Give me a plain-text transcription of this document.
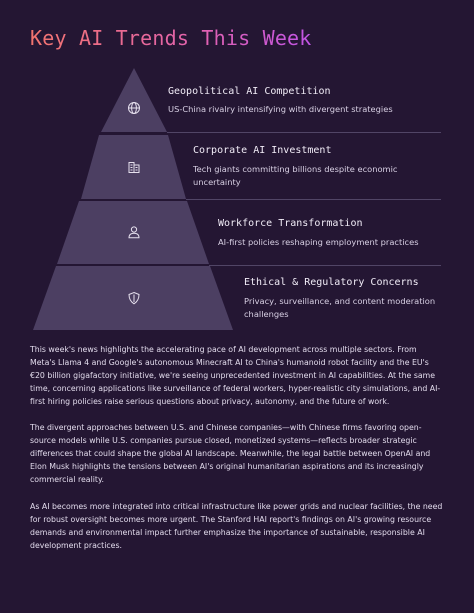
Key AI Trends This Week
Geopolitical AI Competition
US-China rivalry intensifying with divergent strategies
Corporate AI Investment
Tech giants committing billions despite economic uncertainty
Workforce Transformation
AI-first policies reshaping employment practices
Ethical & Regulatory Concerns
Privacy, surveillance, and content moderation challenges

This week's news highlights the accelerating pace of AI development across multiple sectors. From Meta's Llama 4 and Google's autonomous Minecraft AI to China's humanoid robot facility and the EU's €20 billion gigafactory initiative, we're seeing unprecedented investment in AI capabilities. At the same time, concerning applications like surveillance of federal workers, hyper-realistic city simulations, and AI-first hiring policies raise serious questions about privacy, autonomy, and the future of work.

The divergent approaches between U.S. and Chinese companies—with Chinese firms favoring open-source models while U.S. companies pursue closed, monetized systems—reflects broader strategic differences that could shape the global AI landscape. Meanwhile, the legal battle between OpenAI and Elon Musk highlights the tensions between AI's original humanitarian aspirations and its increasingly commercial reality.

As AI becomes more integrated into critical infrastructure like power grids and nuclear facilities, the need for robust oversight becomes more urgent. The Stanford HAI report's findings on AI's growing resource demands and environmental impact further emphasize the importance of sustainable, responsible AI development practices.
